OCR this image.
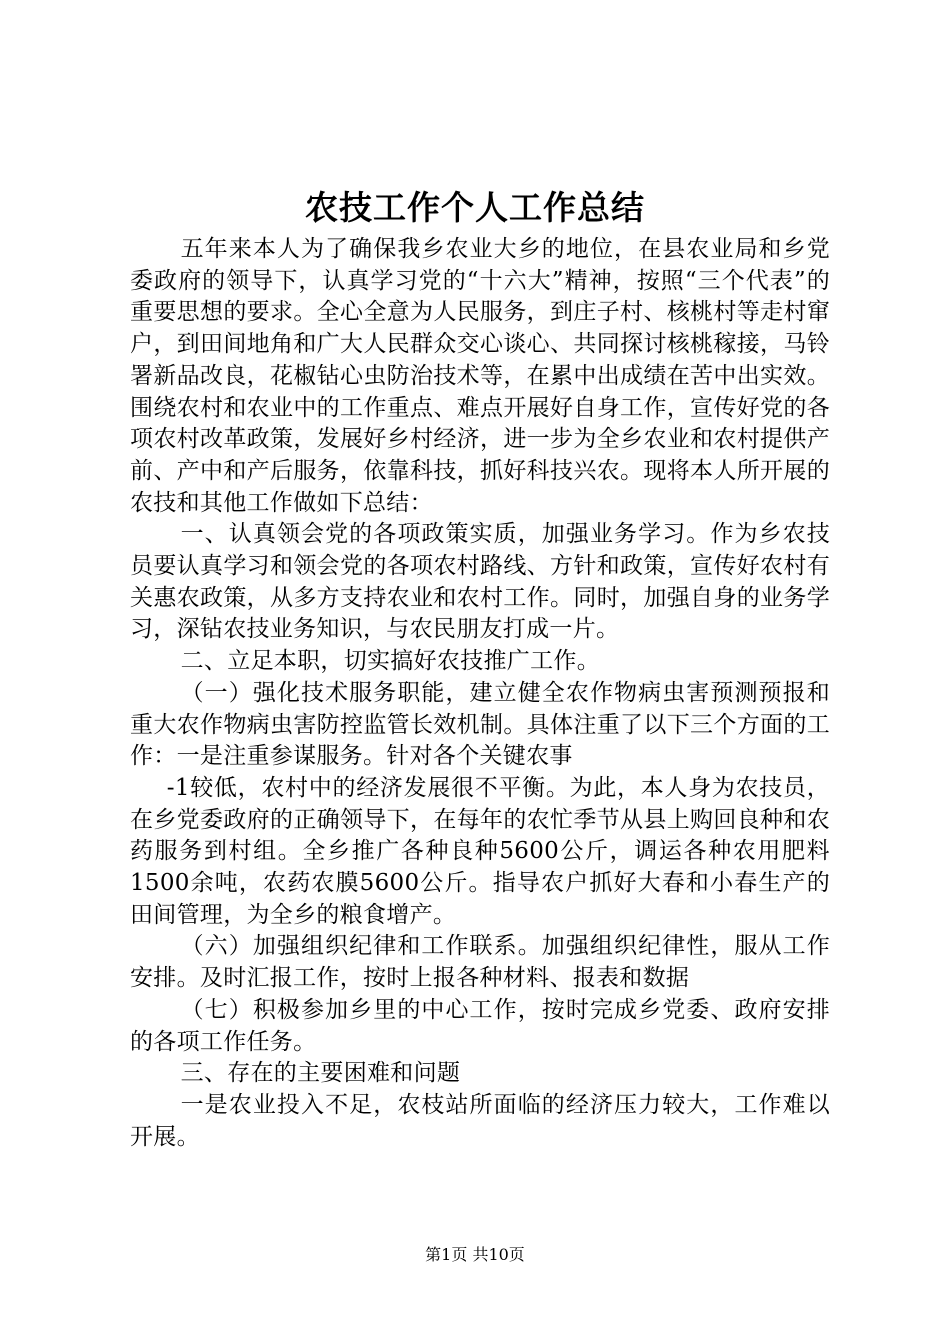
农技工作个人工作总结

五年来本人为了确保我乡农业大乡的地位，在县农业局和乡党委政府的领导下，认真学习党的“十六大”精神，按照“三个代表”的重要思想的要求。全心全意为人民服务，到庄子村、核桃村等走村窜户，到田间地角和广大人民群众交心谈心、共同探讨核桃稼接，马铃署新品改良，花椒钻心虫防治技术等，在累中出成绩在苦中出实效。围绕农村和农业中的工作重点、难点开展好自身工作，宣传好党的各项农村改革政策，发展好乡村经济，进一步为全乡农业和农村提供产前、产中和产后服务，依靠科技，抓好科技兴农。现将本人所开展的农技和其他工作做如下总结：

一、认真领会党的各项政策实质，加强业务学习。作为乡农技员要认真学习和领会党的各项农村路线、方针和政策，宣传好农村有关惠农政策，从多方支持农业和农村工作。同时，加强自身的业务学习，深钻农技业务知识，与农民朋友打成一片。

二、立足本职，切实搞好农技推广工作。

（一）强化技术服务职能，建立健全农作物病虫害预测预报和重大农作物病虫害防控监管长效机制。具体注重了以下三个方面的工作：一是注重参谋服务。针对各个关键农事

-1较低，农村中的经济发展很不平衡。为此，本人身为农技员，在乡党委政府的正确领导下，在每年的农忙季节从县上购回良种和农药服务到村组。全乡推广各种良种5600公斤，调运各种农用肥料1500余吨，农药农膜5600公斤。指导农户抓好大春和小春生产的田间管理，为全乡的粮食增产。

（六）加强组织纪律和工作联系。加强组织纪律性，服从工作安排。及时汇报工作，按时上报各种材料、报表和数据

（七）积极参加乡里的中心工作，按时完成乡党委、政府安排的各项工作任务。

三、存在的主要困难和问题

一是农业投入不足，农枝站所面临的经济压力较大，工作难以开展。

第1页 共10页
